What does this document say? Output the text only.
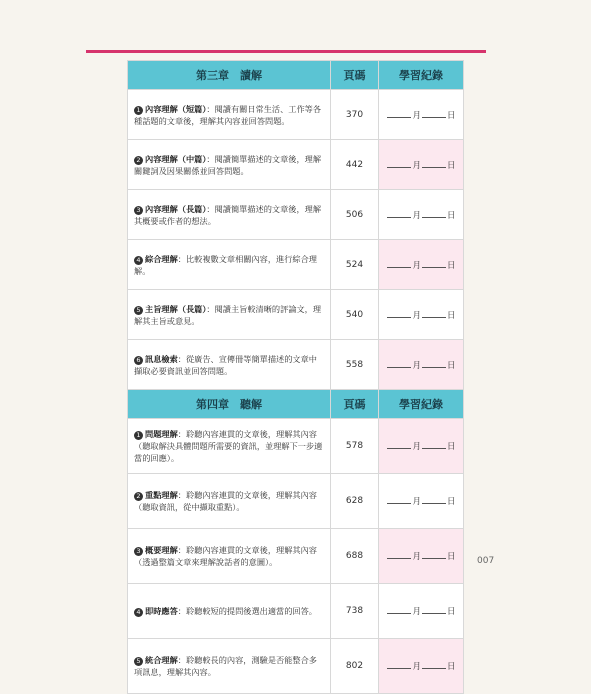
第三章　讀解	頁碼	學習紀錄
1 內容理解（短篇）：閱讀有關日常生活、工作等各種話題的文章後，理解其內容並回答問題。	370	月 日
2 內容理解（中篇）：閱讀簡單描述的文章後，理解關鍵詞及因果關係並回答問題。	442	月 日
3 內容理解（長篇）：閱讀簡單描述的文章後，理解其概要或作者的想法。	506	月 日
4 綜合理解：比較複數文章相關內容，進行綜合理解。	524	月 日
5 主旨理解（長篇）：閱讀主旨較清晰的評論文，理解其主旨或意見。	540	月 日
6 訊息檢索：從廣告、宣傳冊等簡單描述的文章中擷取必要資訊並回答問題。	558	月 日
第四章　聽解	頁碼	學習紀錄
1 問題理解：聆聽內容連貫的文章後，理解其內容（聽取解決具體問題所需要的資訊，並理解下一步適當的回應）。	578	月 日
2 重點理解：聆聽內容連貫的文章後，理解其內容（聽取資訊，從中擷取重點）。	628	月 日
3 概要理解：聆聽內容連貫的文章後，理解其內容（透過整篇文章來理解說話者的意圖）。	688	月 日
4 即時應答：聆聽較短的提問後選出適當的回答。	738	月 日
5 統合理解：聆聽較長的內容，測驗是否能整合多項訊息，理解其內容。	802	月 日
007
